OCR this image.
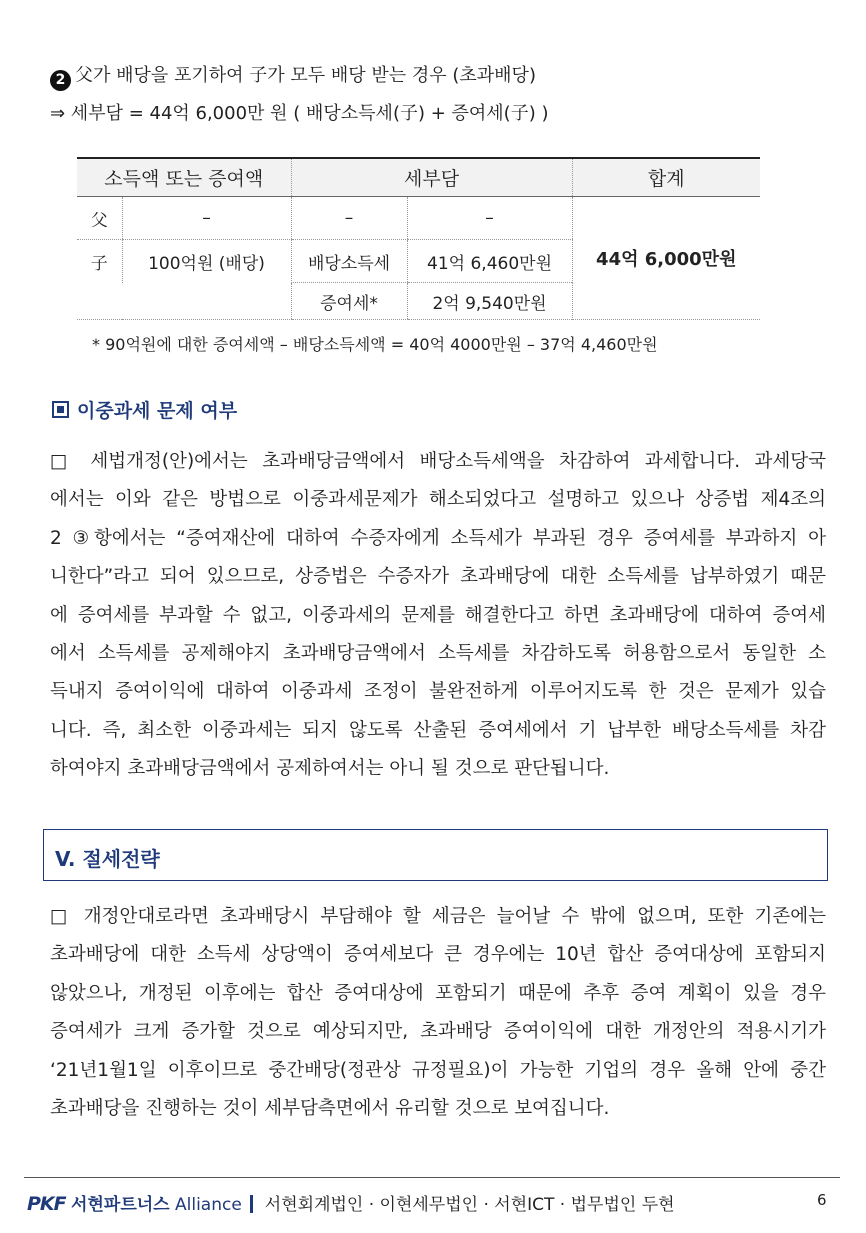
2 父가 배당을 포기하여 子가 모두 배당 받는 경우 (초과배당)
⇒ 세부담 = 44억 6,000만 원 ( 배당소득세(子) + 증여세(子) )
소득액 또는 증여액		세부담		합계
父	–	–	–	44억 6,000만원
子	100억원 (배당)	배당소득세	41억 6,460만원	
		증여세*	2억 9,540만원	
* 90억원에 대한 증여세액 – 배당소득세액 = 40억 4000만원 – 37억 4,460만원
이중과세 문제 여부
□ 세법개정(안)에서는 초과배당금액에서 배당소득세액을 차감하여 과세합니다. 과세당국
에서는 이와 같은 방법으로 이중과세문제가 해소되었다고 설명하고 있으나 상증법 제4조의
2 ③항에서는 “증여재산에 대하여 수증자에게 소득세가 부과된 경우 증여세를 부과하지 아
니한다”라고 되어 있으므로, 상증법은 수증자가 초과배당에 대한 소득세를 납부하였기 때문
에 증여세를 부과할 수 없고, 이중과세의 문제를 해결한다고 하면 초과배당에 대하여 증여세
에서 소득세를 공제해야지 초과배당금액에서 소득세를 차감하도록 허용함으로서 동일한 소
득내지 증여이익에 대하여 이중과세 조정이 불완전하게 이루어지도록 한 것은 문제가 있습
니다. 즉, 최소한 이중과세는 되지 않도록 산출된 증여세에서 기 납부한 배당소득세를 차감
하여야지 초과배당금액에서 공제하여서는 아니 될 것으로 판단됩니다.
V. 절세전략
□ 개정안대로라면 초과배당시 부담해야 할 세금은 늘어날 수 밖에 없으며, 또한 기존에는
초과배당에 대한 소득세 상당액이 증여세보다 큰 경우에는 10년 합산 증여대상에 포함되지
않았으나, 개정된 이후에는 합산 증여대상에 포함되기 때문에 추후 증여 계획이 있을 경우
증여세가 크게 증가할 것으로 예상되지만, 초과배당 증여이익에 대한 개정안의 적용시기가
‘21년1월1일 이후이므로 중간배당(정관상 규정필요)이 가능한 기업의 경우 올해 안에 중간
초과배당을 진행하는 것이 세부담측면에서 유리할 것으로 보여집니다.
PKF 서현파트너스 Alliance 서현회계법인 · 이현세무법인 · 서현ICT · 법무법인 두현	6
